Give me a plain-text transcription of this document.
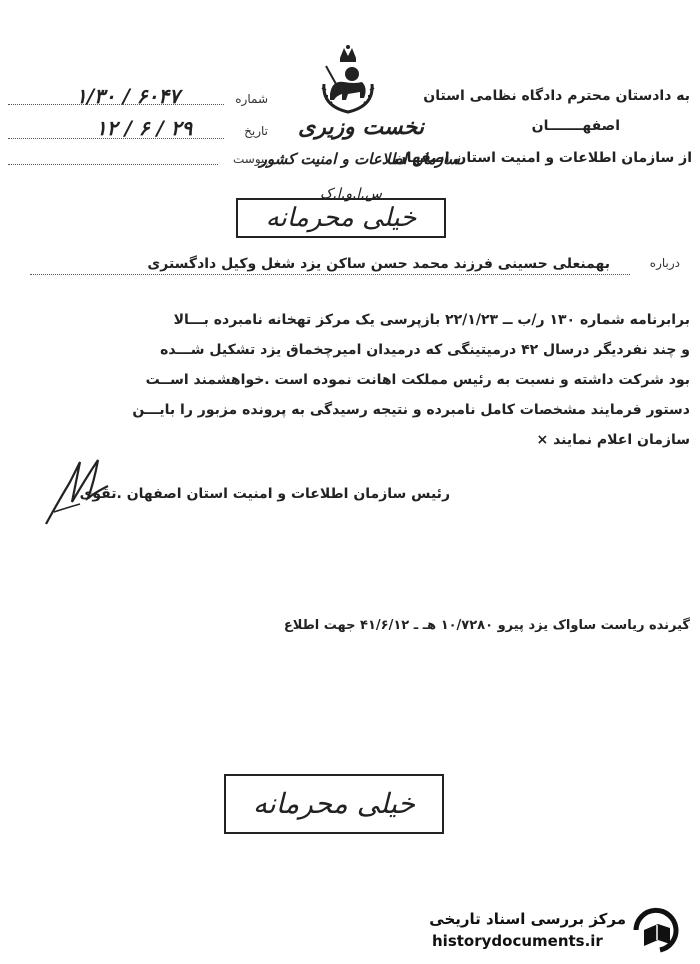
نخست وزیری
شماره
۶۰۴۷ / ۱/۳۰
تاریخ
۲۹ / ۶ / ۱۲
پیوست
به دادستان محترم دادگاه نظامی استان
اصفهـــــــان
سازمان اطلاعات و امنیت کشور
از سازمان اطلاعات و امنیت استان اصفهان
س.ا.و.ا.ک
خیلی محرمانه
درباره
بهمنعلی حسینی فرزند محمد حسن ساکن یزد شغل وکیل دادگستری
برابرنامه شماره ۱۳۰ ر/ب ــ ۲۲/۱/۲۳ بازپرسی یک مرکز تهخانه نامبرده بـــالا
و چند نفردیگر درسال ۴۲ درمیتینگی که درمیدان امیرچخماق یزد تشکیل شـــده
بود شرکت داشته و نسبت به رئیس مملکت اهانت نموده است .خواهشمند اســت
دستور فرمایند مشخصات کامل نامبرده و نتیجه رسیدگی به پرونده مزبور را بایـــن
سازمان اعلام نمایند ×
رئیس سازمان اطلاعات و امنیت استان اصفهان .تقوی
گیرنده ریاست ساواک یزد پیرو ۱۰/۷۲۸۰ هـ ـ ۴۱/۶/۱۲ جهت اطلاع
خیلی محرمانه
مرکز بررسی اسناد تاریخی
historydocuments.ir
